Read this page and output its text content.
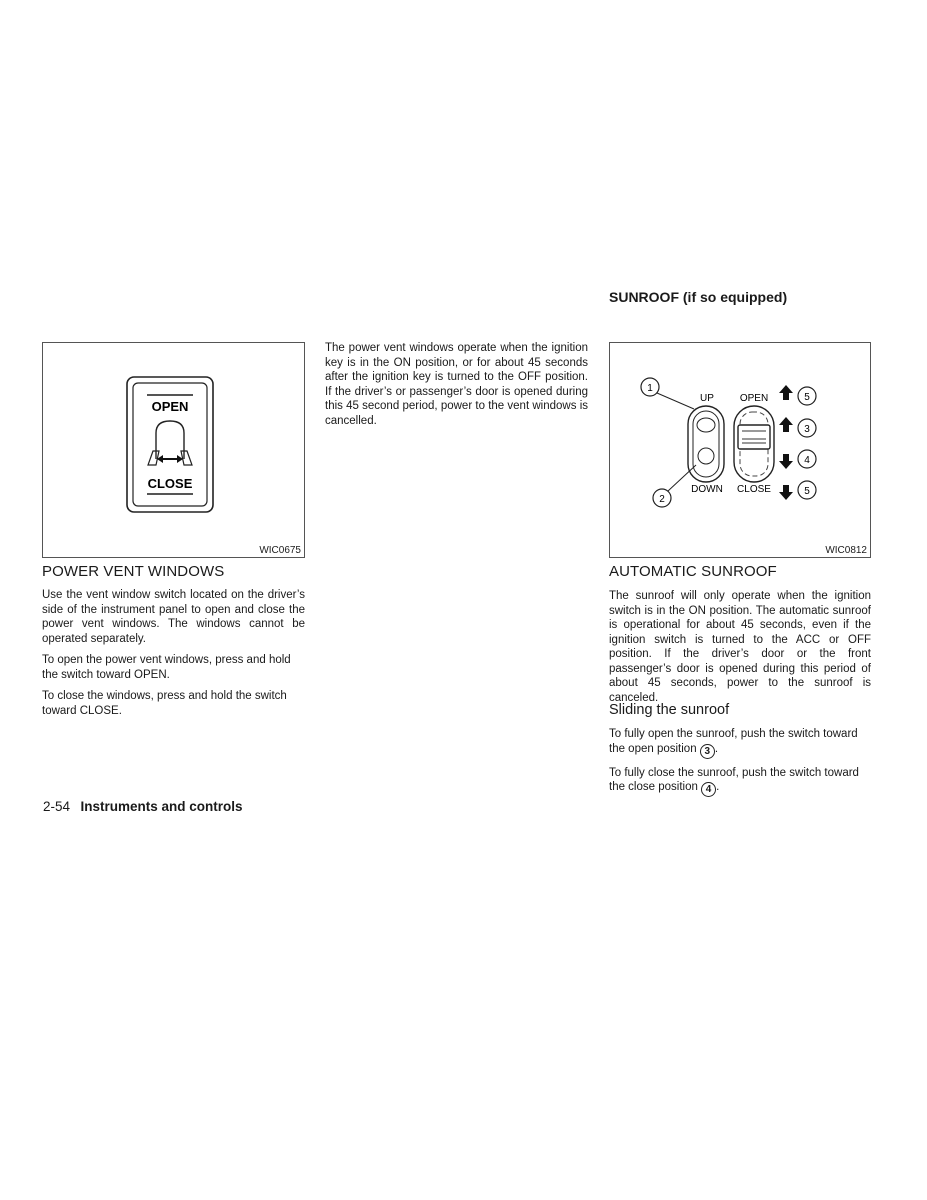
SUNROOF (if so equipped)
OPEN
CLOSE
WIC0675
POWER VENT WINDOWS

Use the vent window switch located on the driver’s side of the instrument panel to open and close the power vent windows. The windows cannot be operated separately.

To open the power vent windows, press and hold the switch toward OPEN.

To close the windows, press and hold the switch toward CLOSE.

The power vent windows operate when the ignition key is in the ON position, or for about 45 seconds after the ignition key is turned to the OFF position. If the driver’s or passenger’s door is opened during this 45 second period, power to the vent windows is cancelled.

1
2
UP
DOWN
OPEN
CLOSE
5
3
4
5
WIC0812
AUTOMATIC SUNROOF

The sunroof will only operate when the ignition switch is in the ON position. The automatic sunroof is operational for about 45 seconds, even if the ignition switch is turned to the ACC or OFF position. If the driver’s door or the front passenger’s door is opened during this period of about 45 seconds, power to the sunroof is canceled.

Sliding the sunroof

To fully open the sunroof, push the switch toward the open position 3 .

To fully close the sunroof, push the switch toward the close position 4 .

2-54 Instruments and controls
